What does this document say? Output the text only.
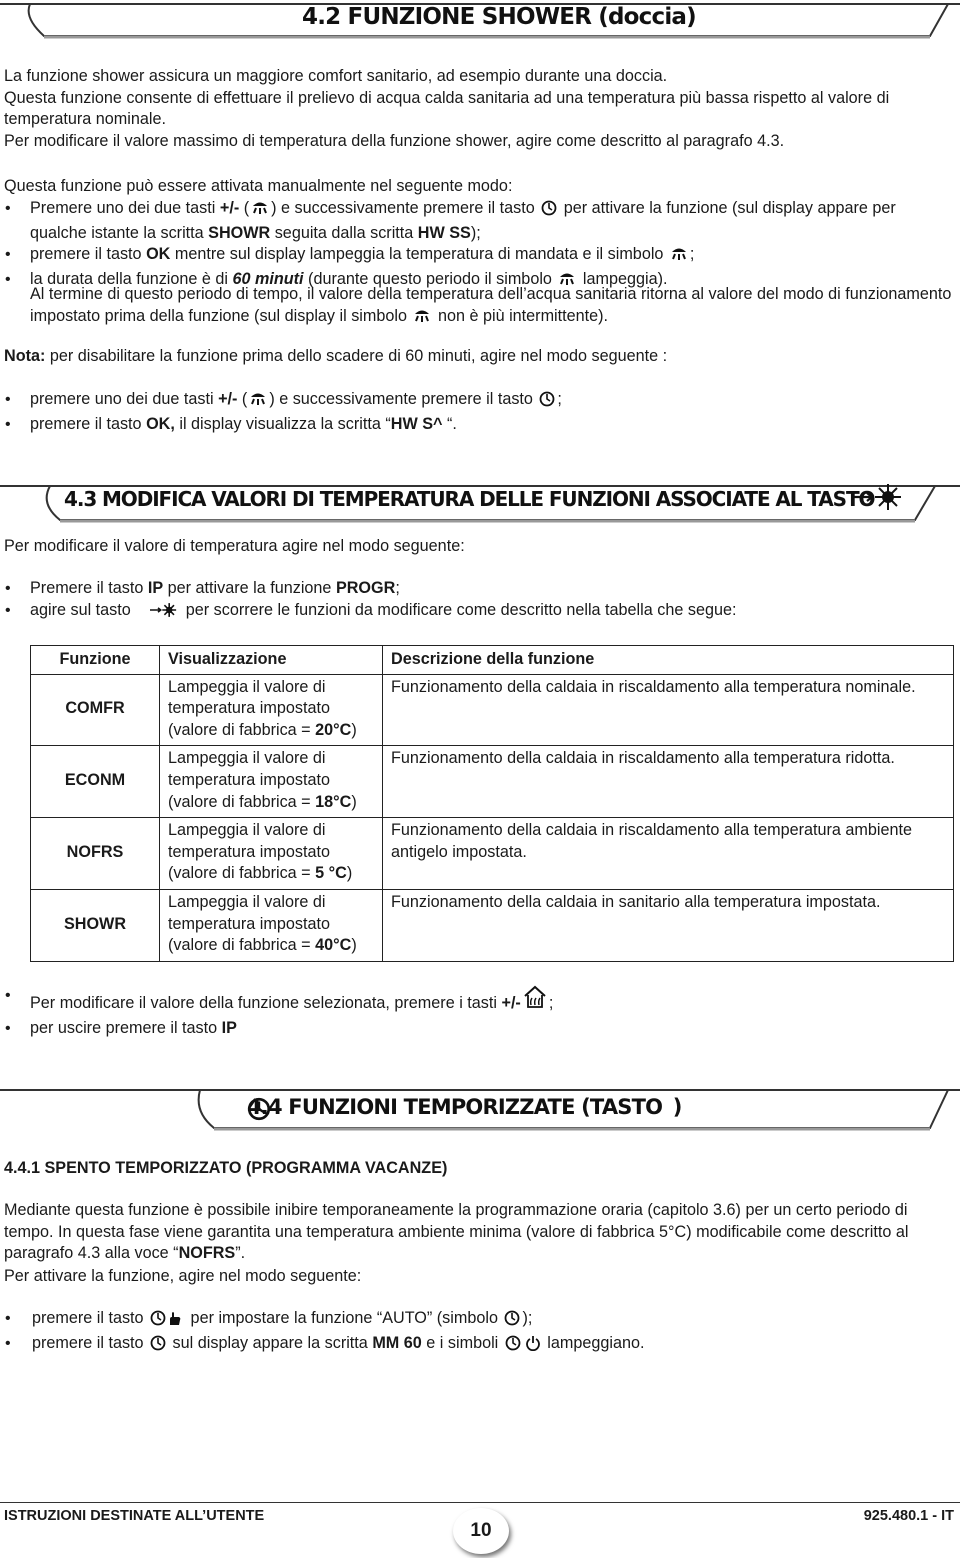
4.2 FUNZIONE SHOWER (doccia)
La funzione shower assicura un maggiore comfort sanitario, ad esempio durante una doccia.
Questa funzione consente di effettuare il prelievo di acqua calda sanitaria ad una temperatura più bassa rispetto al valore di temperatura nominale.
Per modificare il valore massimo di temperatura della funzione shower, agire come descritto al paragrafo 4.3.
Questa funzione può essere attivata manualmente nel seguente modo:
• Premere uno dei due tasti +/- ( ) e successivamente premere il tasto  per attivare la funzione (sul display appare per qualche istante la scritta SHOWR seguita dalla scritta HW SS);
• premere il tasto OK mentre sul display lampeggia la temperatura di mandata e il simbolo ;
• la durata della funzione è di 60 minuti (durante questo periodo il simbolo  lampeggia).
Al termine di questo periodo di tempo, il valore della temperatura dell’acqua sanitaria ritorna al valore del modo di funzionamento impostato prima della funzione (sul display il simbolo  non è più intermittente).
Nota: per disabilitare la funzione prima dello scadere di 60 minuti, agire nel modo seguente :
• premere uno dei due tasti +/- ( ) e successivamente premere il tasto ;
• premere il tasto OK, il display visualizza la scritta “HW S^ “.
4.3 MODIFICA VALORI DI TEMPERATURA DELLE FUNZIONI ASSOCIATE AL TASTO
Per modificare il valore di temperatura agire nel modo seguente:
• Premere il tasto IP per attivare la funzione PROGR;
• agire sul tasto	per scorrere le funzioni da modificare come descritto nella tabella che segue:
Funzione	Visualizzazione	Descrizione della funzione
COMFR	Lampeggia il valore di temperatura impostato (valore di fabbrica = 20°C)	Funzionamento della caldaia in riscaldamento alla temperatura nominale.
ECONM	Lampeggia il valore di temperatura impostato (valore di fabbrica = 18°C)	Funzionamento della caldaia in riscaldamento alla temperatura ridotta.
NOFRS	Lampeggia il valore di temperatura impostato (valore di fabbrica = 5 °C)	Funzionamento della caldaia in riscaldamento alla temperatura ambiente antigelo impostata.
SHOWR	Lampeggia il valore di temperatura impostato (valore di fabbrica = 40°C)	Funzionamento della caldaia in sanitario alla temperatura impostata.
• Per modificare il valore della funzione selezionata, premere i tasti +/- ;
• per uscire premere il tasto IP
4.4 FUNZIONI TEMPORIZZATE (TASTO
)
4.4.1 SPENTO TEMPORIZZATO (PROGRAMMA VACANZE)
Mediante questa funzione è possibile inibire temporaneamente la programmazione oraria (capitolo 3.6) per un certo periodo di tempo. In questa fase viene garantita una temperatura ambiente minima (valore di fabbrica 5°C) modificabile come descritto al paragrafo 4.3 alla voce “NOFRS”.
Per attivare la funzione, agire nel modo seguente:
• premere il tasto  per impostare la funzione “AUTO” (simbolo );
• premere il tasto  sul display appare la scritta MM 60 e i simboli  lampeggiano.
ISTRUZIONI DESTINATE ALL’UTENTE
10
925.480.1 - IT
